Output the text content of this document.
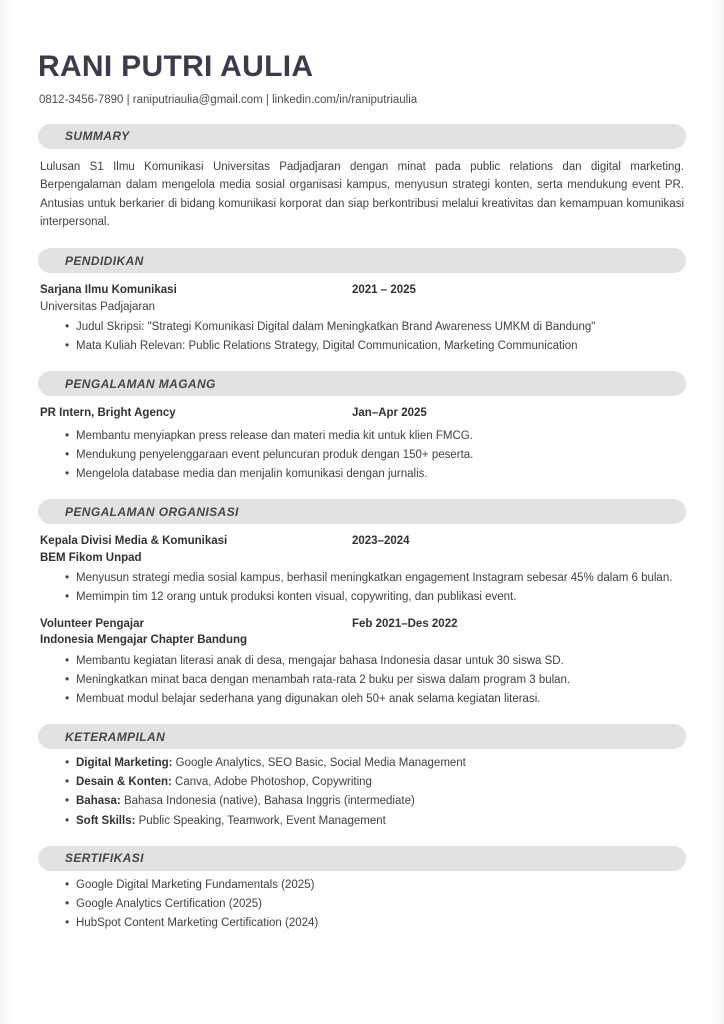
RANI PUTRI AULIA
0812-3456-7890 | raniputriaulia@gmail.com | linkedin.com/in/raniputriaulia
SUMMARY

Lulusan S1 Ilmu Komunikasi Universitas Padjadjaran dengan minat pada public relations dan digital marketing. Berpengalaman dalam mengelola media sosial organisasi kampus, menyusun strategi konten, serta mendukung event PR. Antusias untuk berkarier di bidang komunikasi korporat dan siap berkontribusi melalui kreativitas dan kemampuan komunikasi interpersonal.

PENDIDIKAN
Sarjana Ilmu Komunikasi	2021 – 2025
Universitas Padjajaran
• Judul Skripsi: "Strategi Komunikasi Digital dalam Meningkatkan Brand Awareness UMKM di Bandung"
• Mata Kuliah Relevan: Public Relations Strategy, Digital Communication, Marketing Communication
PENGALAMAN MAGANG
PR Intern, Bright Agency	Jan–Apr 2025
• Membantu menyiapkan press release dan materi media kit untuk klien FMCG.
• Mendukung penyelenggaraan event peluncuran produk dengan 150+ peserta.
• Mengelola database media dan menjalin komunikasi dengan jurnalis.
PENGALAMAN ORGANISASI
Kepala Divisi Media & Komunikasi	2023–2024
BEM Fikom Unpad
• Menyusun strategi media sosial kampus, berhasil meningkatkan engagement Instagram sebesar 45% dalam 6 bulan.
• Memimpin tim 12 orang untuk produksi konten visual, copywriting, dan publikasi event.
Volunteer Pengajar	Feb 2021–Des 2022
Indonesia Mengajar Chapter Bandung
• Membantu kegiatan literasi anak di desa, mengajar bahasa Indonesia dasar untuk 30 siswa SD.
• Meningkatkan minat baca dengan menambah rata-rata 2 buku per siswa dalam program 3 bulan.
• Membuat modul belajar sederhana yang digunakan oleh 50+ anak selama kegiatan literasi.
KETERAMPILAN
• Digital Marketing: Google Analytics, SEO Basic, Social Media Management
• Desain & Konten: Canva, Adobe Photoshop, Copywriting
• Bahasa: Bahasa Indonesia (native), Bahasa Inggris (intermediate)
• Soft Skills: Public Speaking, Teamwork, Event Management
SERTIFIKASI
• Google Digital Marketing Fundamentals (2025)
• Google Analytics Certification (2025)
• HubSpot Content Marketing Certification (2024)
